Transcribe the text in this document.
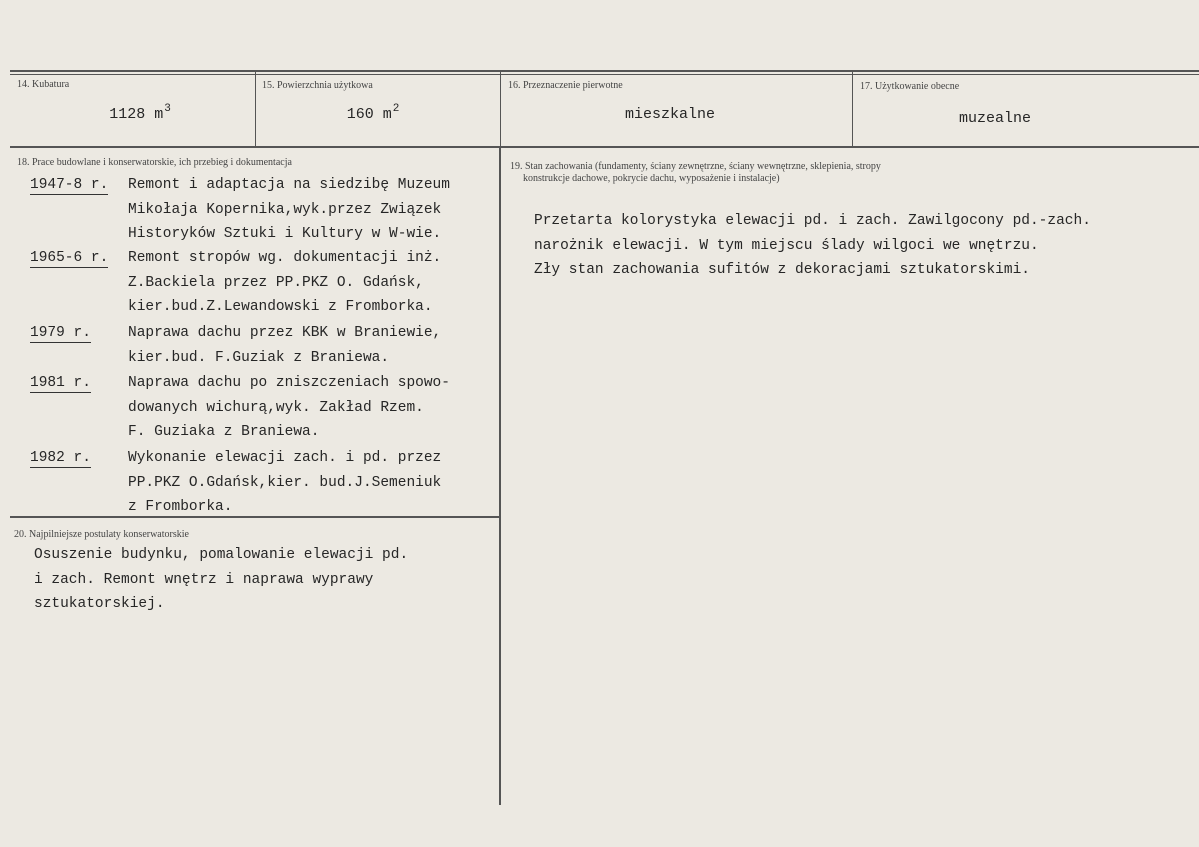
14. Kubatura	15. Powierzchnia użytkowa	16. Przeznaczenie pierwotne	17. Użytkowanie obecne
1128 $m^3$	160 $m^2$	mieszkalne	muzealne
18. Prace budowlane i konserwatorskie, ich przebieg i dokumentacja
1947-8 r.	Remont i adaptacja na siedzibę Muzeum
Mikołaja Kopernika,wyk.przez Związek
Historyków Sztuki i Kultury w W-wie.
1965-6 r.	Remont stropów wg. dokumentacji inż.
Z.Backiela przez PP.PKZ O. Gdańsk,
kier.bud.Z.Lewandowski z Fromborka.
1979 r.	Naprawa dachu przez KBK w Braniewie,
kier.bud. F.Guziak z Braniewa.
1981 r.	Naprawa dachu po zniszczeniach spowo-
dowanych wichurą,wyk. Zakład Rzem.
F. Guziaka z Braniewa.
1982 r.	Wykonanie elewacji zach. i pd. przez
PP.PKZ O.Gdańsk,kier. bud.J.Semeniuk
z Fromborka.
19. Stan zachowania (fundamenty, ściany zewnętrzne, ściany wewnętrzne, sklepienia, stropy
konstrukcje dachowe, pokrycie dachu, wyposażenie i instalacje)
Przetarta kolorystyka elewacji pd. i zach. Zawilgocony pd.-zach.
narożnik elewacji. W tym miejscu ślady wilgoci we wnętrzu.
Zły stan zachowania sufitów z dekoracjami sztukatorskimi.
20. Najpilniejsze postulaty konserwatorskie
Osuszenie budynku, pomalowanie elewacji pd.
i zach. Remont wnętrz i naprawa wyprawy
sztukatorskiej.
